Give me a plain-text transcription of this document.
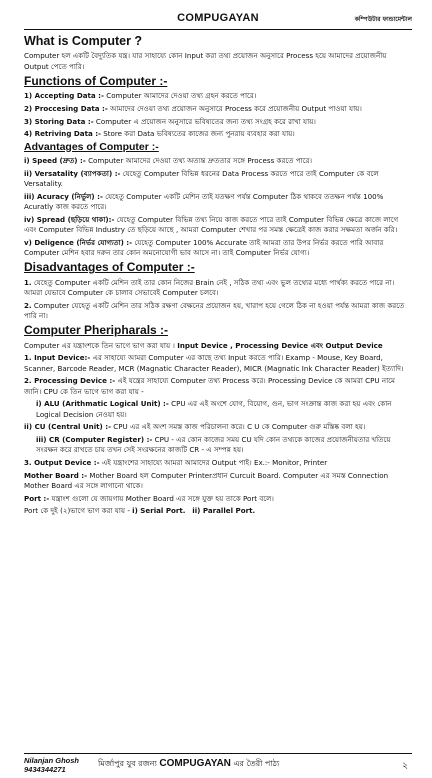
COMPUGAYAN	কম্পিউটার ফান্ডামেন্টাল
What is Computer ?

Computer হল একটি বৈদ্যুতিক যন্ত্র। যার সাহায্যে কোন Input করা তথ্য প্রয়োজন অনুসারে Process হয়ে আমাদের প্রয়োজনীয় Output পেতে পারি।

Functions of Computer :-

1) Accepting Data :- Computer আমাদের দেওয়া তথ্য গ্রহন করতে পারে।

2) Proccesing Data :- আমাদের দেওয়া তথ্য প্রয়োজন অনুসারে Process করে প্রয়োজনীয় Output পাওয়া যায়।

3) Storing Data :- Computer এ প্রয়োজন অনুসারে ভবিষ্যতের জন্য তথ্য সংগ্রহ করে রাখা যায়।

4) Retriving Data :- Store করা Data ভবিষ্যতের কাজের জন্য পুনরায় ব্যবহার করা যায়।

Advantages of Computer :-

i) Speed (দ্রুত) :- Computer আমাদের দেওয়া তথ্য অত্যন্ত দ্রুততার সঙ্গে Process করতে পারে।

ii) Versatality (ব্যাপকতা) :- যেহেতু Computer বিভিন্ন ধরনের Data Process করতে পারে তাই Computer কে বলে Versatality.

iii) Acuracy (নির্ভুল) :- যেহেতু Computer একটি মেশিন তাই যতক্ষণ পর্যন্ত Computer ঠিক থাকবে ততক্ষন পর্যন্ত 100% Acuratly কাজ করতে পারে।

iv) Spread (ছড়িয়ে থাকা):- যেহেতু Computer বিভিন্ন তথ্য নিয়ে কাজ করতে পারে তাই Computer বিভিন্ন ক্ষেত্রে কাজে লাগে এবং Computer বিভিন্ন Industry তে ছড়িয়ে আছে , আমরা Computer শেখার পর সমস্ত ক্ষেত্রেই কাজ করার সক্ষমতা অর্জন করি।

v) Deligence (নির্ভর যোগ্যতা) :- যেহেতু Computer 100% Accurate তাই আমরা তার উপর নির্ভর করতে পারি আবার Computer মেশিন হবার দরুন তার কোন অমনোযোগী ভাব আসে না। তাই Computer নির্ভর যোগ্য।

Disadvantages of Computer :-

1. যেহেতু Computer একটি মেশিন তাই তার কোন নিজের Brain নেই , সঠিক তথ্য এবং ভুল তথ্যের মধ্যে পার্থক্য করতে পারে না। আমরা যেভাবে Computer কে চালাব সেভাবেই Computer চলবে।

2. Computer যেহেতু একটি মেশিন তার সঠিক রক্ষণা বেক্ষনের প্রয়োজন হয়, খারাপ হয়ে গেলে ঠিক না হওয়া পর্যন্ত আমরা কাজ করতে পারি না।

Computer Pheripharals :-

Computer এর যন্ত্রাংশকে তিন ভাগে ভাগ করা যায় । Input Device , Processing Device এবং Output Device

1. Input Device:- এর সাহায্যে আমরা Computer এর কাছে তথ্য Input করতে পারি। Examp - Mouse, Key Board, Scanner, Barcode Reader, MCR (Magnatic Character Reader), MICR (Magnatic Ink Character Reader) ইত্যাদি।

2. Processing Device :- এই যন্ত্রের সাহায্যে Computer তথ্য Process করে। Processing Device কে আমরা CPU নামে জানি। CPU কে তিন ভাগে ভাগ করা যায় -

i) ALU (Arithmatic Logical Unit) :- CPU এর এই অংশে যোগ, বিয়োগ, গুন, ভাগ সংক্রান্ত কাজ করা হয় এবং কোন Logical Decision নেওয়া হয়।

ii) CU (Central Unit) :- CPU এর এই অংশ সমস্ত কাজ পরিচালনা করে। C U কে Computer গুরু মস্তিষ্ক বলা হয়।

iii) CR (Computer Register) :- CPU - এর কোন কাজের সময় CU যদি কোন তথ্যকে কাজের প্রয়োজনীয়তার খতিয়ে সংরক্ষন করে রাখতে চায় তখন সেই সংরক্ষনের কাজটি CR - এ সম্পন্ন হয়।

3. Output Device :- এই যন্ত্রাংশের সাহায্যে আমরা আমাদের Output পাই। Ex.:- Monitor, Printer

Mother Board :- Mother Board হল Computer Printerপ্রধান Curcuit Board. Computer এর সমস্ত Connection Mother Board এর সঙ্গে লাগানো থাকে।

Port :- যন্ত্রাংশ গুলো যে জায়গায় Mother Board এর সঙ্গে যুক্ত হয় তাকে Port বলে।

Port কে দুই (২)ভাগে ভাগ করা যায় - i) Serial Port. ii) Parallel Port.

Nilanjan Ghosh
9434344271
মির্জাপুর যুব রজন্য COMPUGAYAN এর তৈরী পাঠ্য	২
